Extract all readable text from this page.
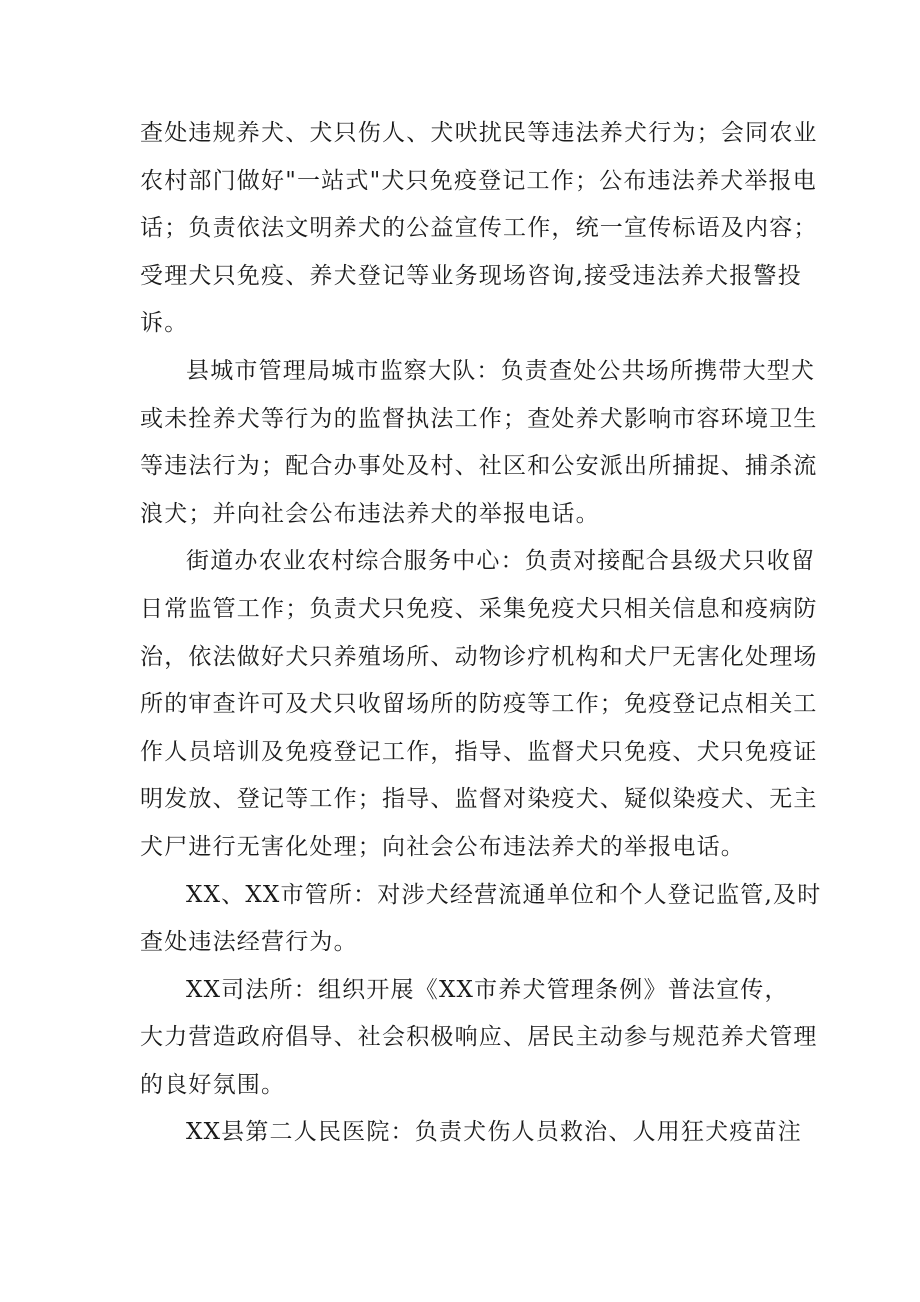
查处违规养犬、犬只伤人、犬吠扰民等违法养犬行为；会同农业
农村部门做好"一站式"犬只免疫登记工作；公布违法养犬举报电
话；负责依法文明养犬的公益宣传工作，统一宣传标语及内容；
受理犬只免疫、养犬登记等业务现场咨询,接受违法养犬报警投
诉。
县城市管理局城市监察大队：负责查处公共场所携带大型犬
或未拴养犬等行为的监督执法工作；查处养犬影响市容环境卫生
等违法行为；配合办事处及村、社区和公安派出所捕捉、捕杀流
浪犬；并向社会公布违法养犬的举报电话。
街道办农业农村综合服务中心：负责对接配合县级犬只收留
日常监管工作；负责犬只免疫、采集免疫犬只相关信息和疫病防
治，依法做好犬只养殖场所、动物诊疗机构和犬尸无害化处理场
所的审查许可及犬只收留场所的防疫等工作；免疫登记点相关工
作人员培训及免疫登记工作，指导、监督犬只免疫、犬只免疫证
明发放、登记等工作；指导、监督对染疫犬、疑似染疫犬、无主
犬尸进行无害化处理；向社会公布违法养犬的举报电话。
XX、XX市管所：对涉犬经营流通单位和个人登记监管,及时
查处违法经营行为。
XX司法所：组织开展《XX市养犬管理条例》普法宣传，
大力营造政府倡导、社会积极响应、居民主动参与规范养犬管理
的良好氛围。
XX县第二人民医院：负责犬伤人员救治、人用狂犬疫苗注
